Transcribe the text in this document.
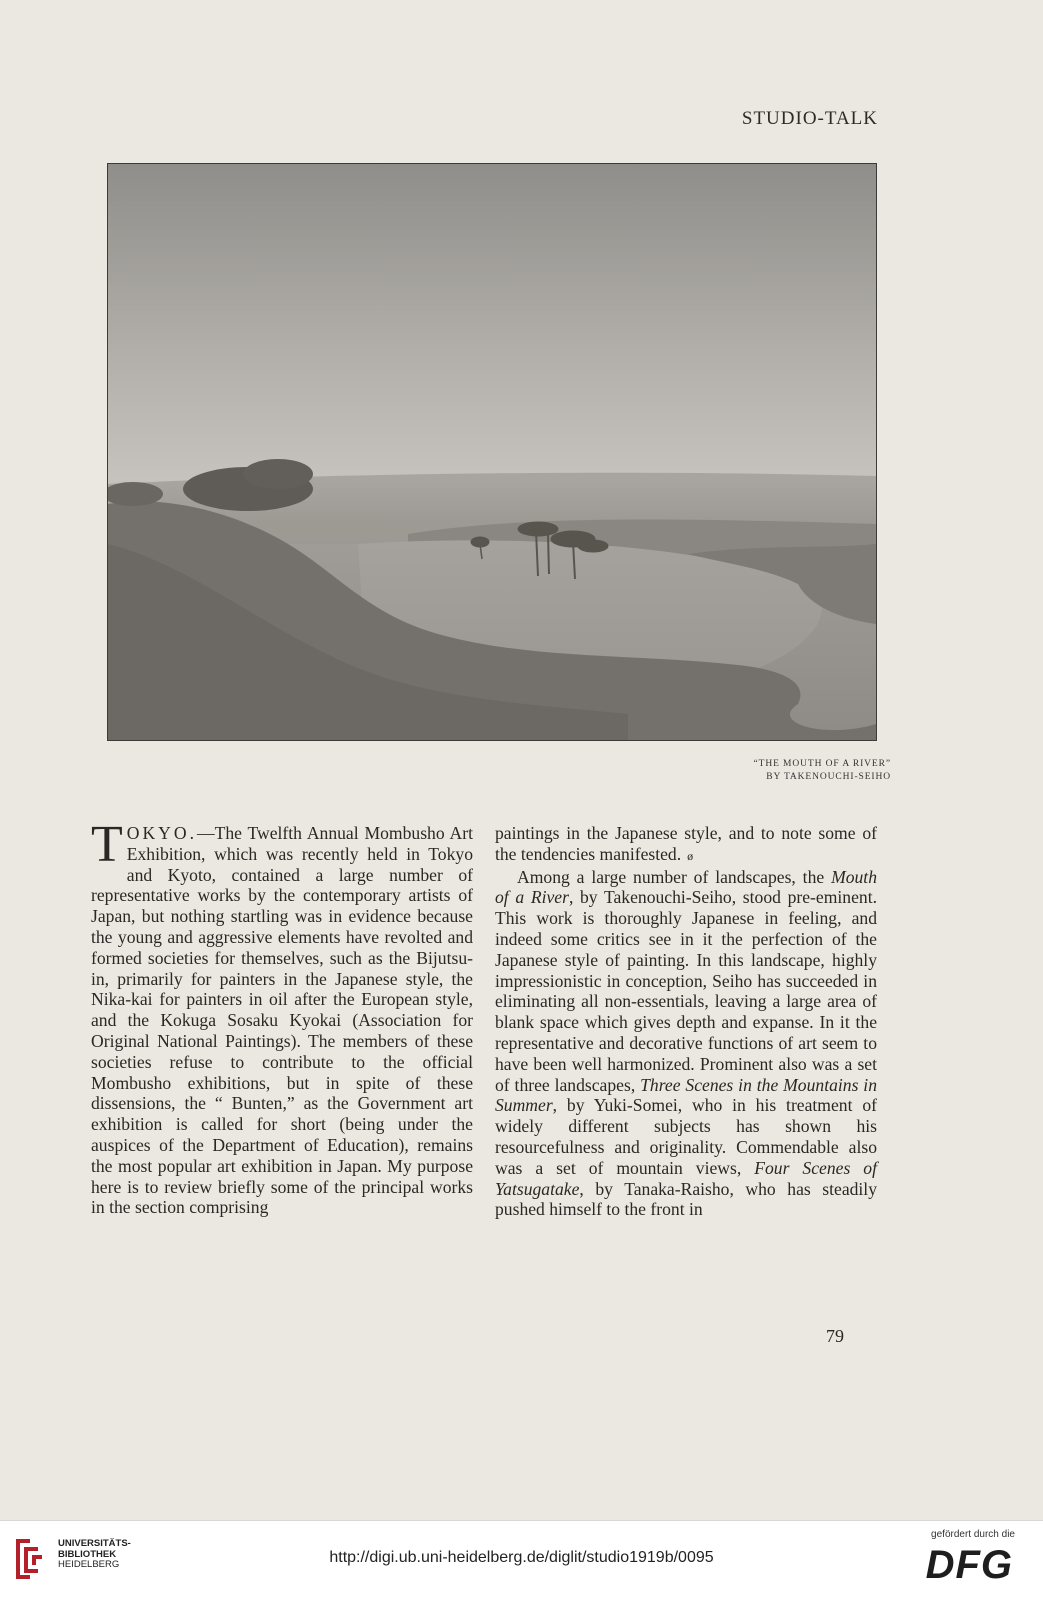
STUDIO-TALK
“THE MOUTH OF A RIVER”
BY TAKENOUCHI-SEIHO

TOKYO.—The Twelfth Annual Mombusho Art Exhibition, which was recently held in Tokyo and Kyoto, contained a large number of representative works by the contemporary artists of Japan, but nothing startling was in evidence because the young and aggressive elements have revolted and formed societies for themselves, such as the Bijutsu-in, primarily for painters in the Japanese style, the Nika-kai for painters in oil after the European style, and the Kokuga Sosaku Kyokai (Association for Original National Paintings). The members of these societies refuse to contribute to the official Mombusho exhibitions, but in spite of these dissensions, the “ Bunten,” as the Government art exhibition is called for short (being under the auspices of the Department of Education), remains the most popular art exhibition in Japan. My purpose here is to review briefly some of the principal works in the section comprising

paintings in the Japanese style, and to note some of the tendencies manifested. ø

Among a large number of landscapes, the Mouth of a River, by Takenouchi-Seiho, stood pre-eminent. This work is thoroughly Japanese in feeling, and indeed some critics see in it the perfection of the Japanese style of painting. In this landscape, highly impressionistic in conception, Seiho has succeeded in eliminating all non-essentials, leaving a large area of blank space which gives depth and expanse. In it the representative and decorative functions of art seem to have been well harmonized. Prominent also was a set of three landscapes, Three Scenes in the Mountains in Summer, by Yuki-Somei, who in his treatment of widely different subjects has shown his resourcefulness and originality. Commendable also was a set of mountain views, Four Scenes of Yatsugatake, by Tanaka-Raisho, who has steadily pushed himself to the front in

79
UNIVERSITÄTS-
BIBLIOTHEK
HEIDELBERG	http://digi.ub.uni-heidelberg.de/diglit/studio1919b/0095
gefördert durch die
DFG
